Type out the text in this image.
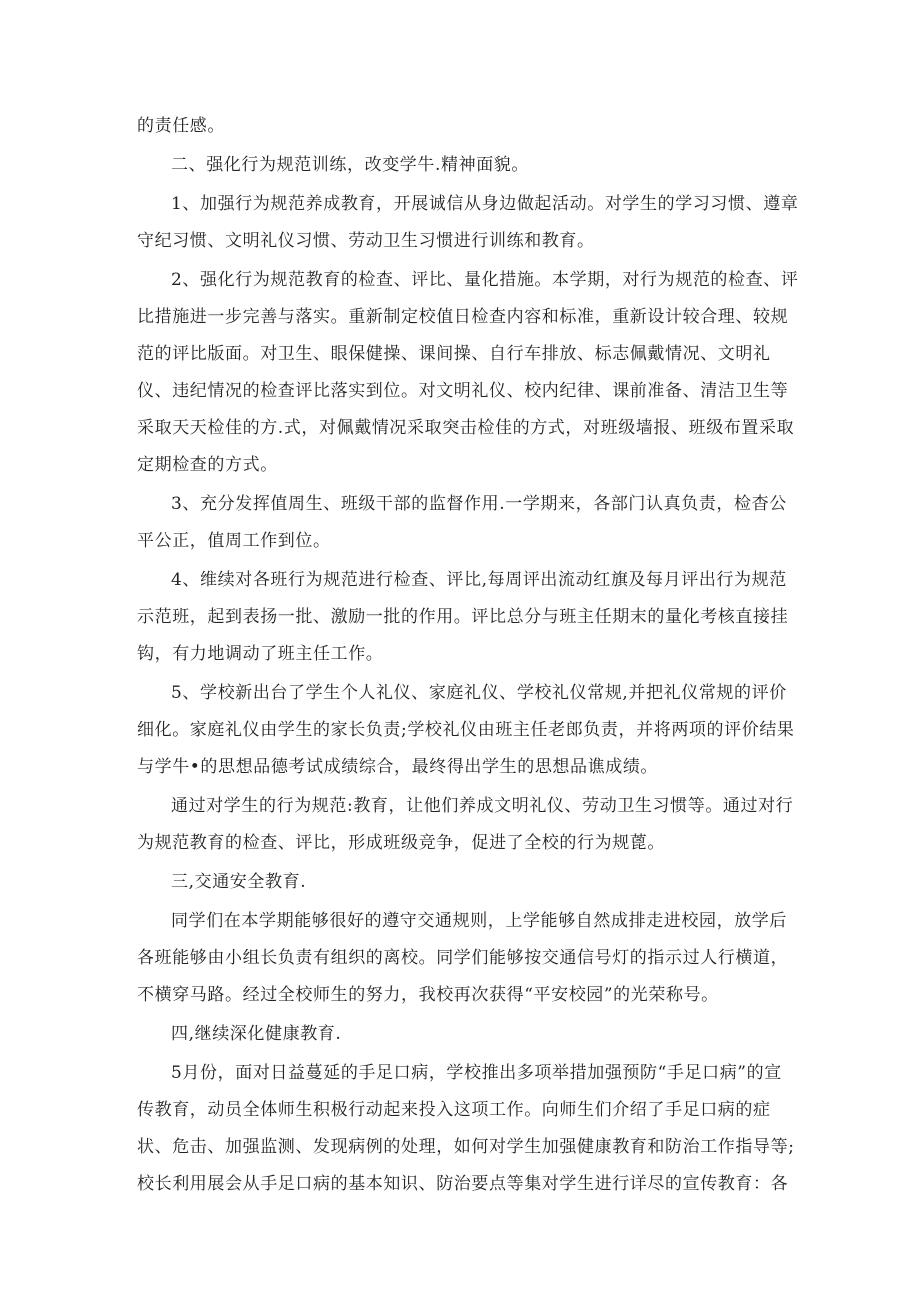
的责任感。
二、强化行为规范训练，改变学牛.精神面貌。
1、加强行为规范养成教育，开展诚信从身边做起活动。对学生的学习习惯、遵章
守纪习惯、文明礼仪习惯、劳动卫生习惯进行训练和教育。
2、强化行为规范教育的检查、评比、量化措施。本学期，对行为规范的检查、评
比措施进一步完善与落实。重新制定校值日检查内容和标准，重新设计较合理、较规
范的评比版面。对卫生、眼保健操、课间操、自行车排放、标志佩戴情况、文明礼
仪、违纪情况的检查评比落实到位。对文明礼仪、校内纪律、课前准备、清洁卫生等
采取天天检佳的方.式，对佩戴情况采取突击检佳的方式，对班级墙报、班级布置采取
定期检查的方式。
3、充分发挥值周生、班级干部的监督作用.一学期来，各部门认真负责，检杳公
平公正，值周工作到位。
4、维续对各班行为规范进行检查、评比,每周评出流动红旗及每月评出行为规范
示范班，起到表扬一批、激励一批的作用。评比总分与班主任期末的量化考核直接挂
钩，有力地调动了班主任工作。
5、学校新出台了学生个人礼仪、家庭礼仪、学校礼仪常规,并把礼仪常规的评价
细化。家庭礼仪由学生的家长负责;学校礼仪由班主任老郎负责，并将两项的评价结果
与学牛•的思想品德考试成绩综合，最终得出学生的思想品谯成绩。
通过对学生的行为规范:教育，让他们养成文明礼仪、劳动卫生习惯等。通过对行
为规范教育的检查、评比，形成班级竞争，促进了全校的行为规蓖。
三,交通安全教育.
同学们在本学期能够很好的遵守交通规则，上学能够自然成排走进校园，放学后
各班能够由小组长负责有组织的离校。同学们能够按交通信号灯的指示过人行横道，
不横穿马路。经过全校师生的努力，我校再次获得“平安校园”的光荣称号。
四,继续深化健康教育.
5月份，面对日益蔓延的手足口病，学校推出多项举措加强预防“手足口病”的宣
传教育，动员全体师生积极行动起来投入这项工作。向师生们介绍了手足口病的症
状、危击、加强监测、发现病例的处理，如何对学生加强健康教育和防治工作指导等;
校长利用展会从手足口病的基本知识、防治要点等集对学生进行详尽的宣传教育：各
